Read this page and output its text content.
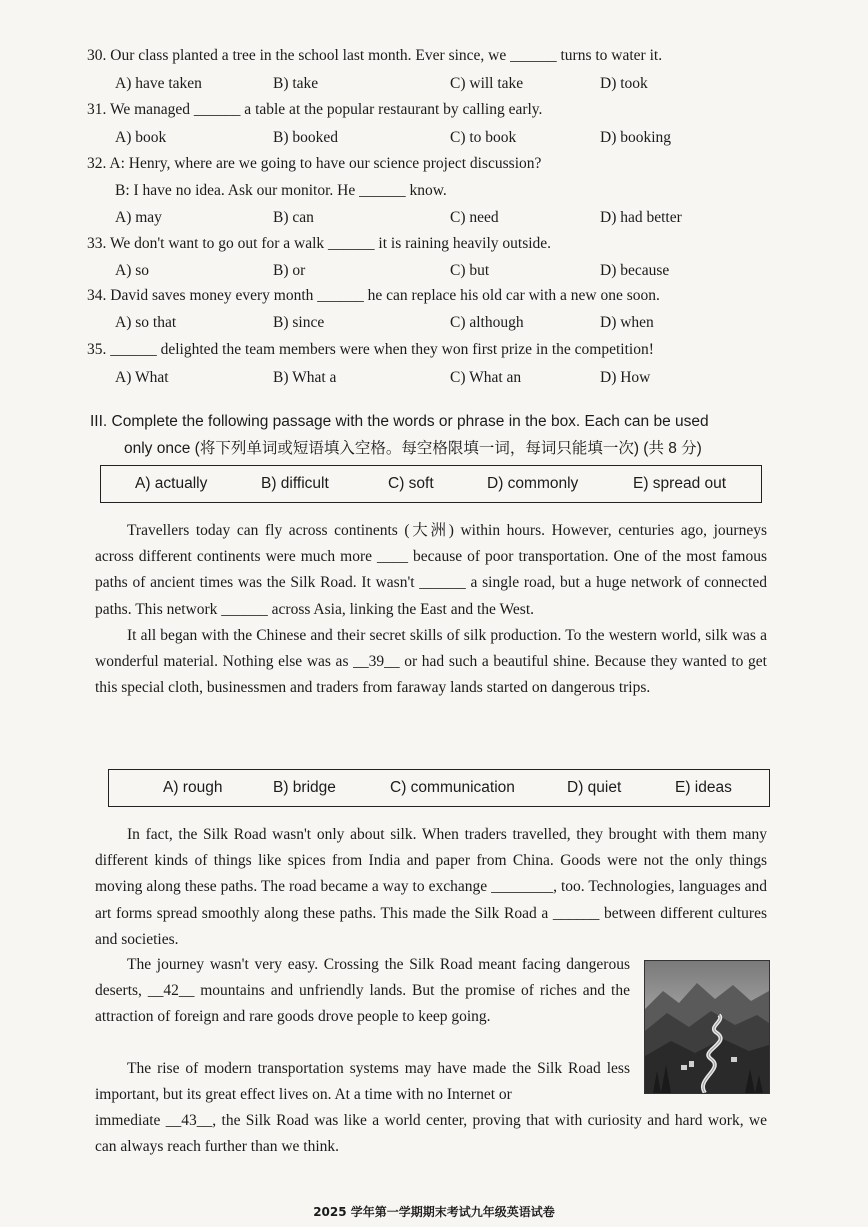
30. Our class planted a tree in the school last month. Ever since, we ______ turns to water it.
A) have taken	B) take	C) will take	D) took
31. We managed ______ a table at the popular restaurant by calling early.
A) book	B) booked	C) to book	D) booking
32. A: Henry, where are we going to have our science project discussion?
B: I have no idea. Ask our monitor. He ______ know.
A) may	B) can	C) need	D) had better
33. We don't want to go out for a walk ______ it is raining heavily outside.
A) so	B) or	C) but	D) because
34. David saves money every month ______ he can replace his old car with a new one soon.
A) so that	B) since	C) although	D) when
35. ______ delighted the team members were when they won first prize in the competition!
A) What	B) What a	C) What an	D) How
III. Complete the following passage with the words or phrase in the box. Each can be used
only once (将下列单词或短语填入空格。每空格限填一词，每词只能填一次) (共 8 分)
A) actually	B) difficult	C) soft	D) commonly	E) spread out

Travellers today can fly across continents (大洲) within hours. However, centuries ago, journeys across different continents were much more ____ because of poor transportation. One of the most famous paths of ancient times was the Silk Road. It wasn't ______ a single road, but a huge network of connected paths. This network ______ across Asia, linking the East and the West.

It all began with the Chinese and their secret skills of silk production. To the western world, silk was a wonderful material. Nothing else was as __39__ or had such a beautiful shine. Because they wanted to get this special cloth, businessmen and traders from faraway lands started on dangerous trips.

A) rough	B) bridge	C) communication	D) quiet	E) ideas

In fact, the Silk Road wasn't only about silk. When traders travelled, they brought with them many different kinds of things like spices from India and paper from China. Goods were not the only things moving along these paths. The road became a way to exchange ________, too. Technologies, languages and art forms spread smoothly along these paths. This made the Silk Road a ______ between different cultures and societies.

The journey wasn't very easy. Crossing the Silk Road meant facing dangerous deserts, __42__ mountains and unfriendly lands. But the promise of riches and the attraction of foreign and rare goods drove people to keep going.

The rise of modern transportation systems may have made the Silk Road less important, but its great effect lives on. At a time with no Internet or

immediate __43__, the Silk Road was like a world center, proving that with curiosity and hard work, we can always reach further than we think.

2025 学年第一学期期末考试九年级英语试卷
